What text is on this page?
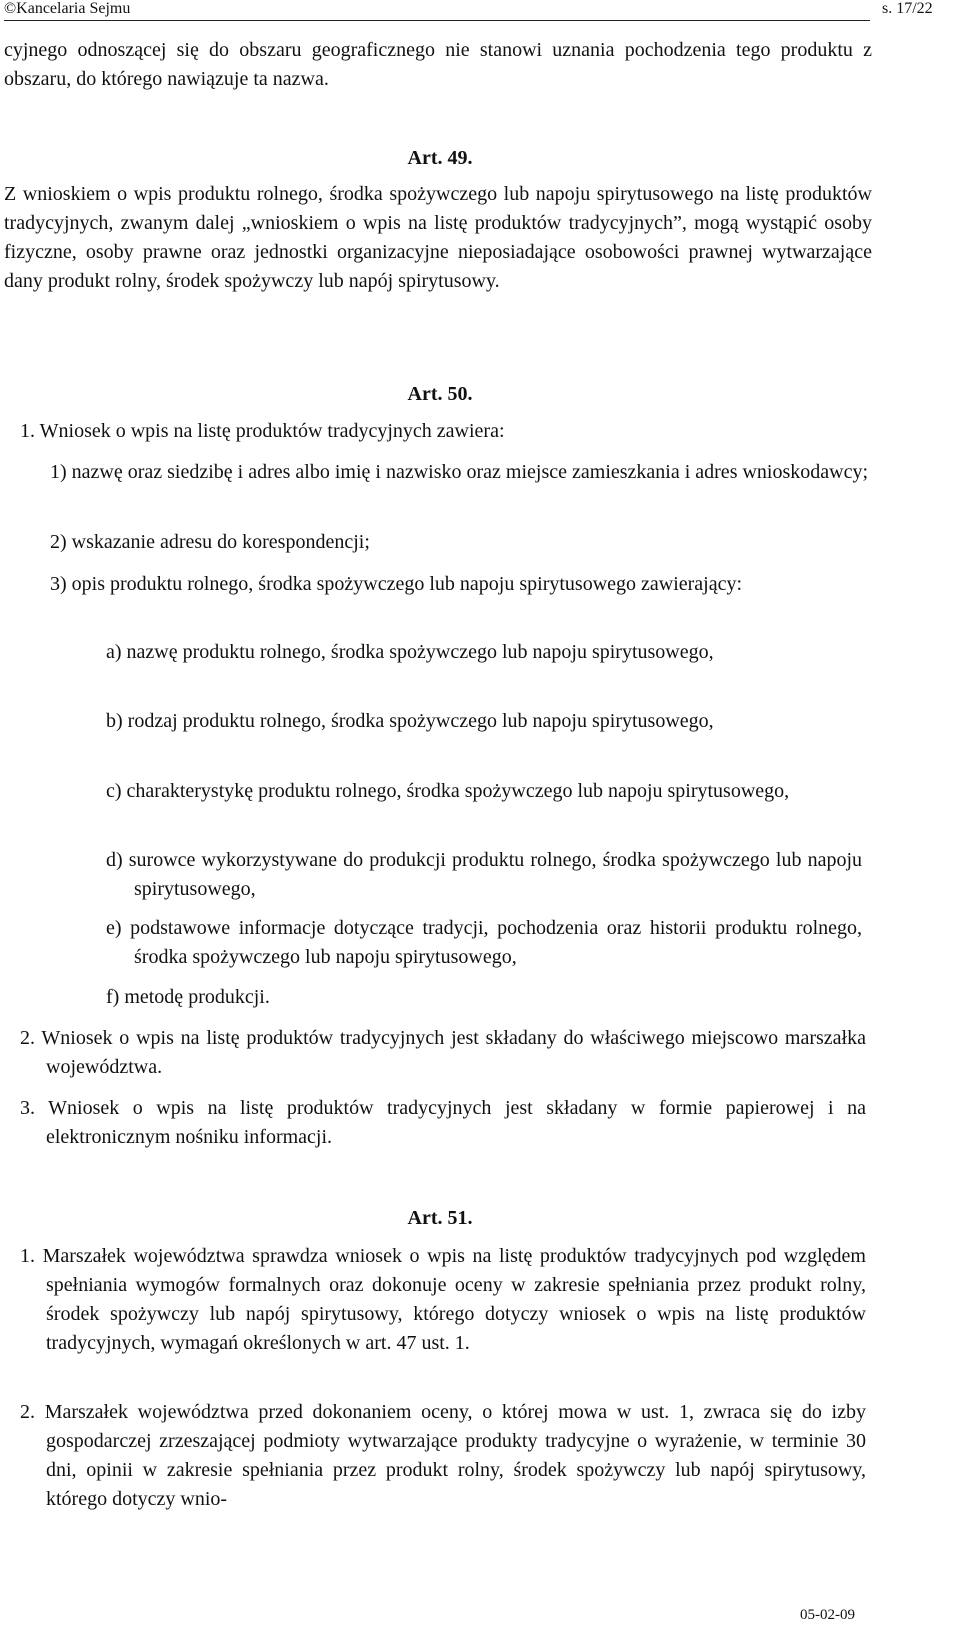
©Kancelaria Sejmu	s. 17/22
cyjnego odnoszącej się do obszaru geograficznego nie stanowi uznania pochodzenia tego produktu z obszaru, do którego nawiązuje ta nazwa.
Art. 49.
Z wnioskiem o wpis produktu rolnego, środka spożywczego lub napoju spirytusowego na listę produktów tradycyjnych, zwanym dalej „wnioskiem o wpis na listę produktów tradycyjnych”, mogą wystąpić osoby fizyczne, osoby prawne oraz jednostki organizacyjne nieposiadające osobowości prawnej wytwarzające dany produkt rolny, środek spożywczy lub napój spirytusowy.
Art. 50.
1. Wniosek o wpis na listę produktów tradycyjnych zawiera:
1) nazwę oraz siedzibę i adres albo imię i nazwisko oraz miejsce zamieszkania i adres wnioskodawcy;
2) wskazanie adresu do korespondencji;
3) opis produktu rolnego, środka spożywczego lub napoju spirytusowego zawierający:
a) nazwę produktu rolnego, środka spożywczego lub napoju spirytusowego,
b) rodzaj produktu rolnego, środka spożywczego lub napoju spirytusowego,
c) charakterystykę produktu rolnego, środka spożywczego lub napoju spirytusowego,
d) surowce wykorzystywane do produkcji produktu rolnego, środka spożywczego lub napoju spirytusowego,
e) podstawowe informacje dotyczące tradycji, pochodzenia oraz historii produktu rolnego, środka spożywczego lub napoju spirytusowego,
f) metodę produkcji.
2. Wniosek o wpis na listę produktów tradycyjnych jest składany do właściwego miejscowo marszałka województwa.
3. Wniosek o wpis na listę produktów tradycyjnych jest składany w formie papierowej i na elektronicznym nośniku informacji.
Art. 51.
1. Marszałek województwa sprawdza wniosek o wpis na listę produktów tradycyjnych pod względem spełniania wymogów formalnych oraz dokonuje oceny w zakresie spełniania przez produkt rolny, środek spożywczy lub napój spirytusowy, którego dotyczy wniosek o wpis na listę produktów tradycyjnych, wymagań określonych w art. 47 ust. 1.
2. Marszałek województwa przed dokonaniem oceny, o której mowa w ust. 1, zwraca się do izby gospodarczej zrzeszającej podmioty wytwarzające produkty tradycyjne o wyrażenie, w terminie 30 dni, opinii w zakresie spełniania przez produkt rolny, środek spożywczy lub napój spirytusowy, którego dotyczy wnio-
05-02-09
